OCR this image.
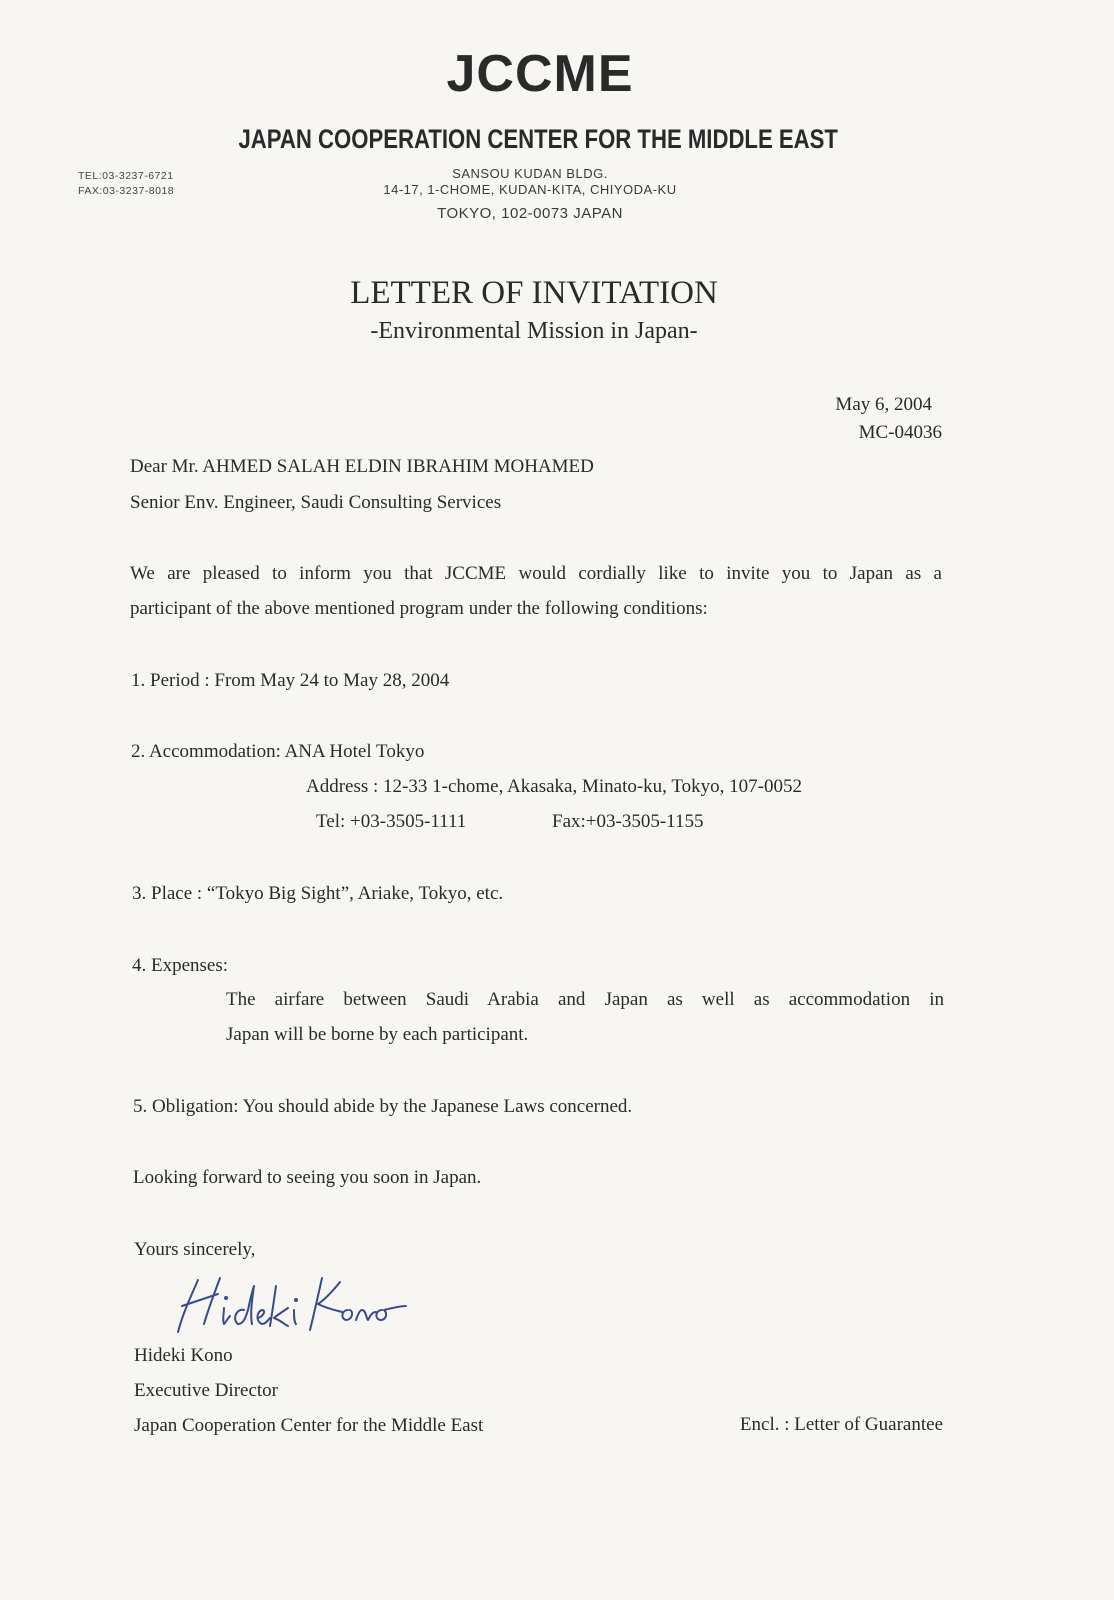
JCCME
JAPAN COOPERATION CENTER FOR THE MIDDLE EAST
TEL:03-3237-6721
FAX:03-3237-8018
SANSOU KUDAN BLDG.
14-17, 1-CHOME, KUDAN-KITA, CHIYODA-KU
TOKYO, 102-0073 JAPAN
LETTER OF INVITATION
-Environmental Mission in Japan-
May 6, 2004
MC-04036
Dear Mr. AHMED SALAH ELDIN IBRAHIM MOHAMED
Senior Env. Engineer, Saudi Consulting Services
We are pleased to inform you that JCCME would cordially like to invite you to Japan as a
participant of the above mentioned program under the following conditions:
1. Period : From May 24 to May 28, 2004
2. Accommodation: ANA Hotel Tokyo
Address : 12-33 1-chome, Akasaka, Minato-ku, Tokyo, 107-0052
Tel: +03-3505-1111	Fax:+03-3505-1155
3. Place : “Tokyo Big Sight”, Ariake, Tokyo, etc.
4. Expenses:
The airfare between Saudi Arabia and Japan as well as accommodation in
Japan will be borne by each participant.
5. Obligation: You should abide by the Japanese Laws concerned.
Looking forward to seeing you soon in Japan.
Yours sincerely,
Hideki Kono
Executive Director
Japan Cooperation Center for the Middle East	Encl. : Letter of Guarantee
